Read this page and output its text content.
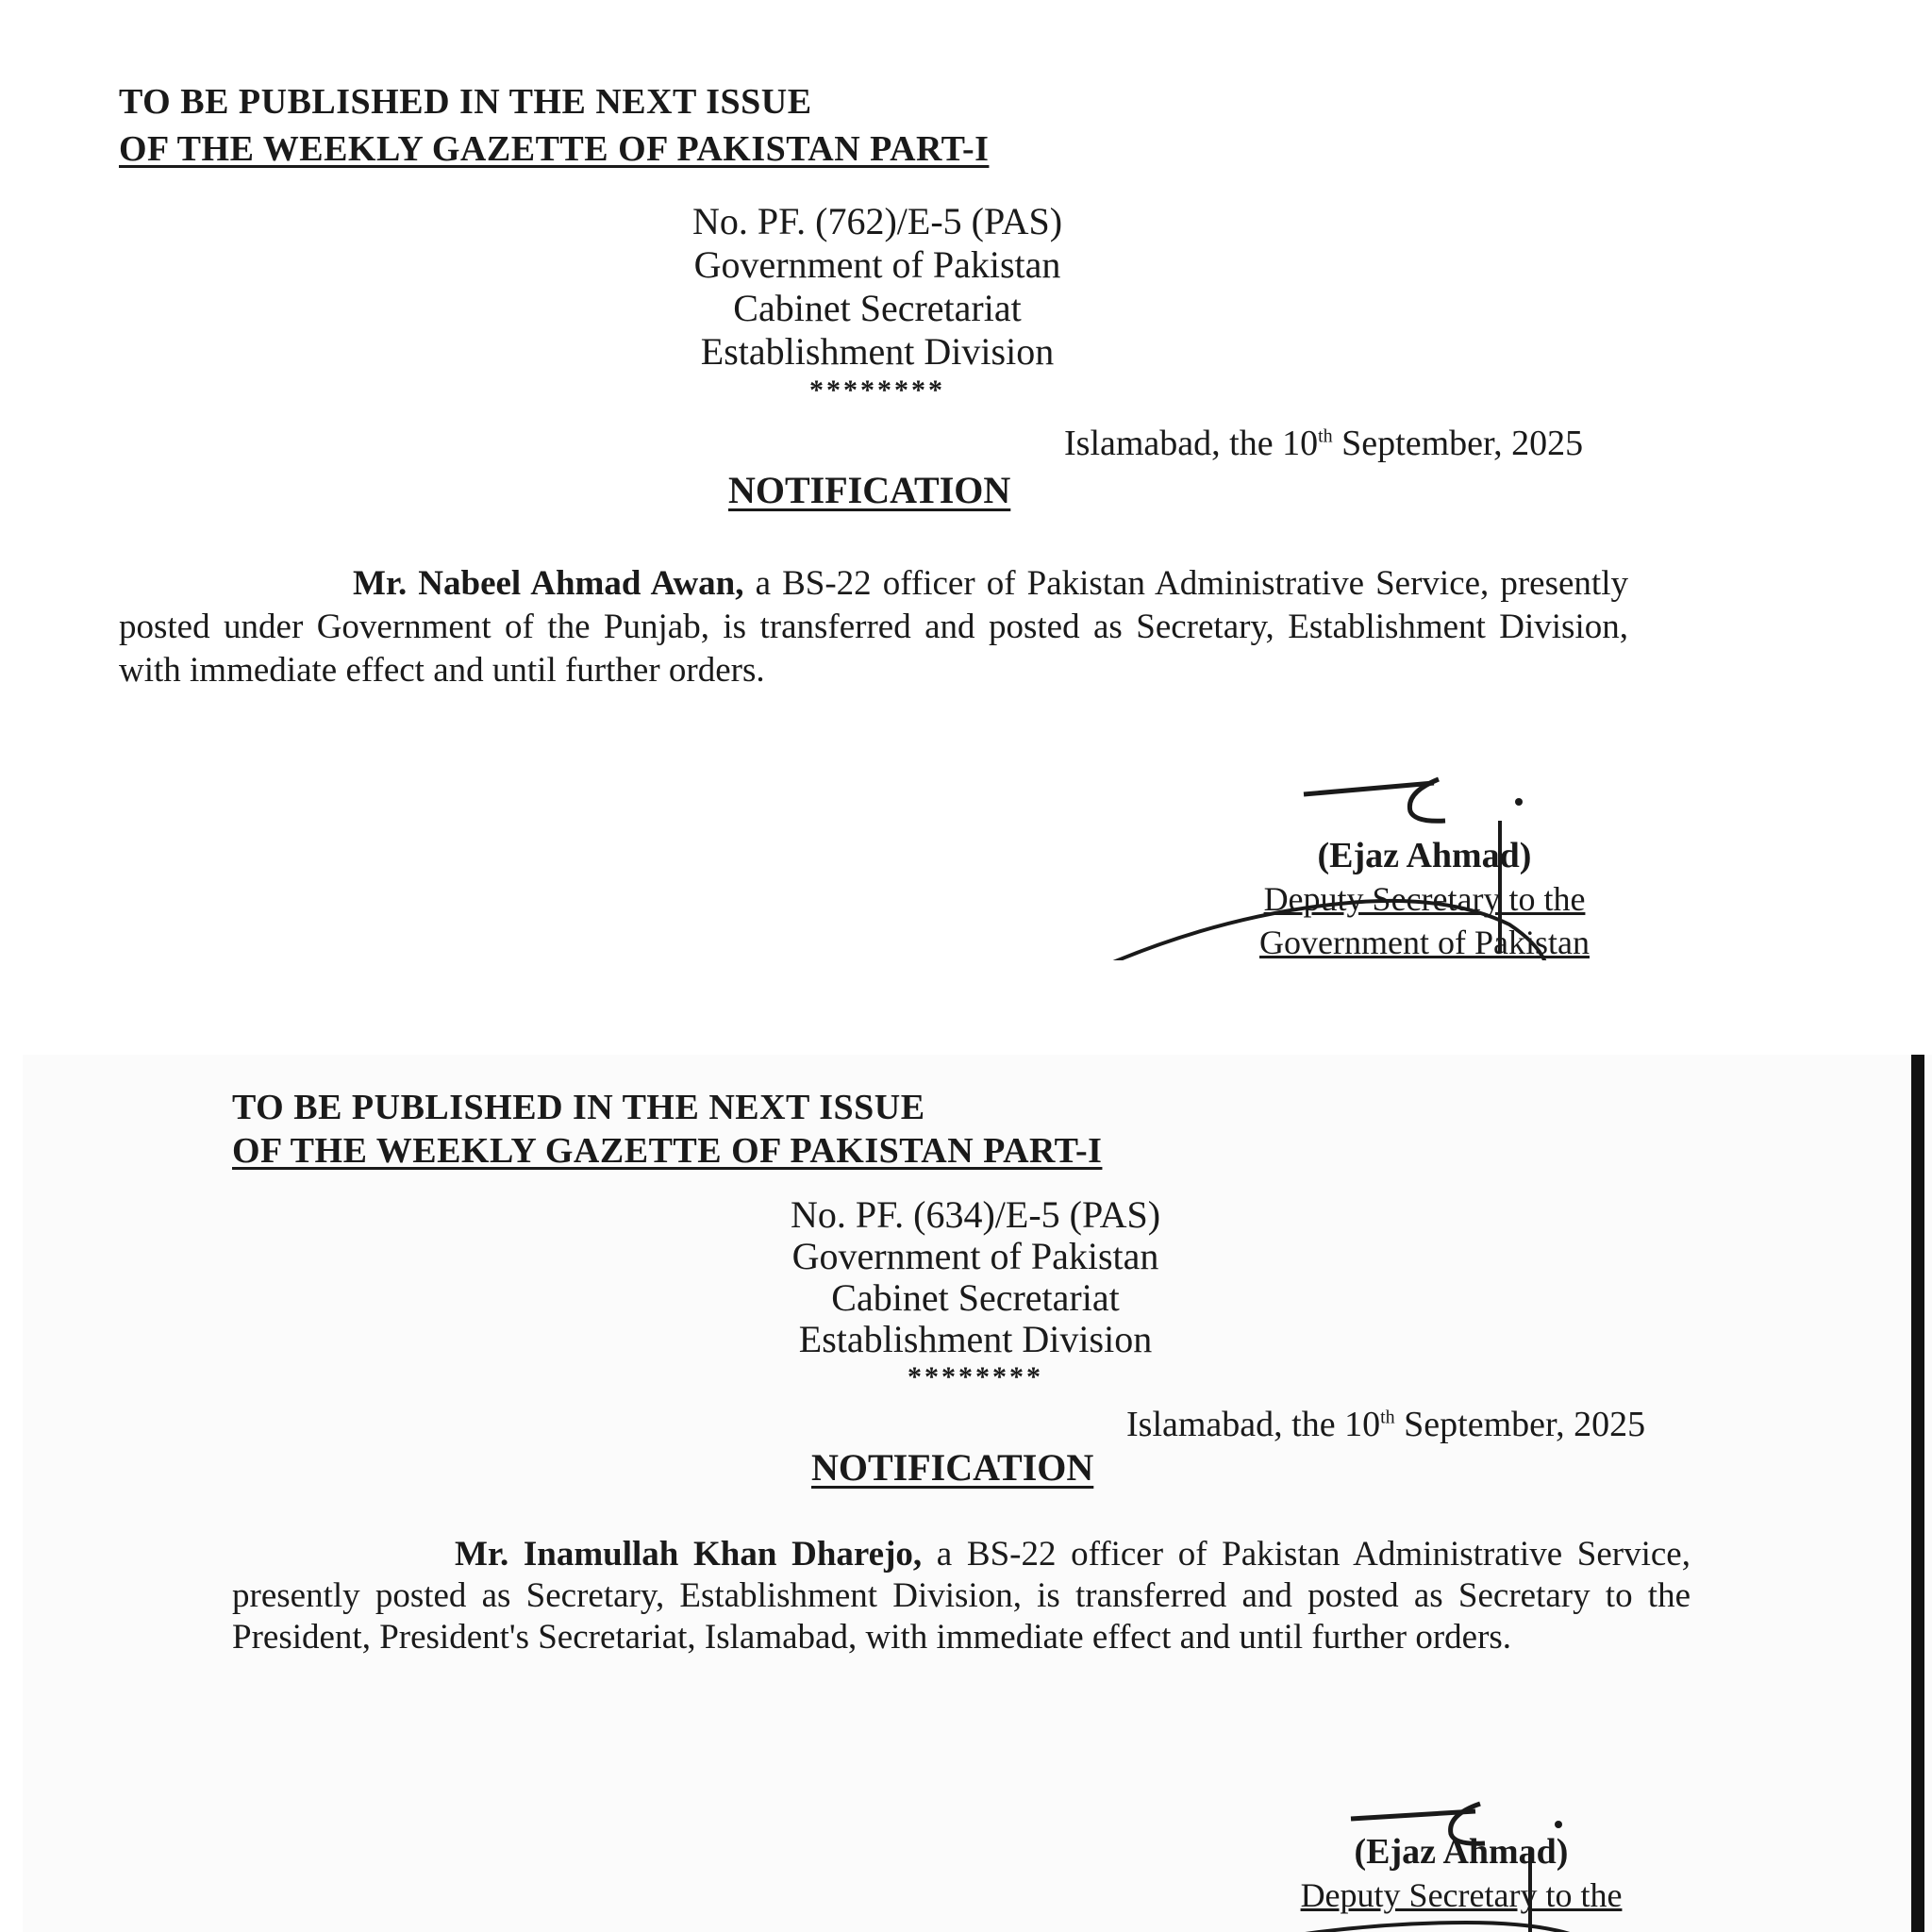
TO BE PUBLISHED IN THE NEXT ISSUE
OF THE WEEKLY GAZETTE OF PAKISTAN PART-I
No. PF. (762)/E-5 (PAS)
Government of Pakistan
Cabinet Secretariat
Establishment Division
********
Islamabad, the 10th September, 2025
NOTIFICATION
Mr. Nabeel Ahmad Awan, a BS-22 officer of Pakistan Administrative Service, presently posted under Government of the Punjab, is transferred and posted as Secretary, Establishment Division, with immediate effect and until further orders.
(Ejaz Ahmad)
Deputy Secretary to the
Government of Pakistan
TO BE PUBLISHED IN THE NEXT ISSUE
OF THE WEEKLY GAZETTE OF PAKISTAN PART-I
No. PF. (634)/E-5 (PAS)
Government of Pakistan
Cabinet Secretariat
Establishment Division
********
Islamabad, the 10th September, 2025
NOTIFICATION
Mr. Inamullah Khan Dharejo, a BS-22 officer of Pakistan Administrative Service, presently posted as Secretary, Establishment Division, is transferred and posted as Secretary to the President, President's Secretariat, Islamabad, with immediate effect and until further orders.
(Ejaz Ahmad)
Deputy Secretary to the
